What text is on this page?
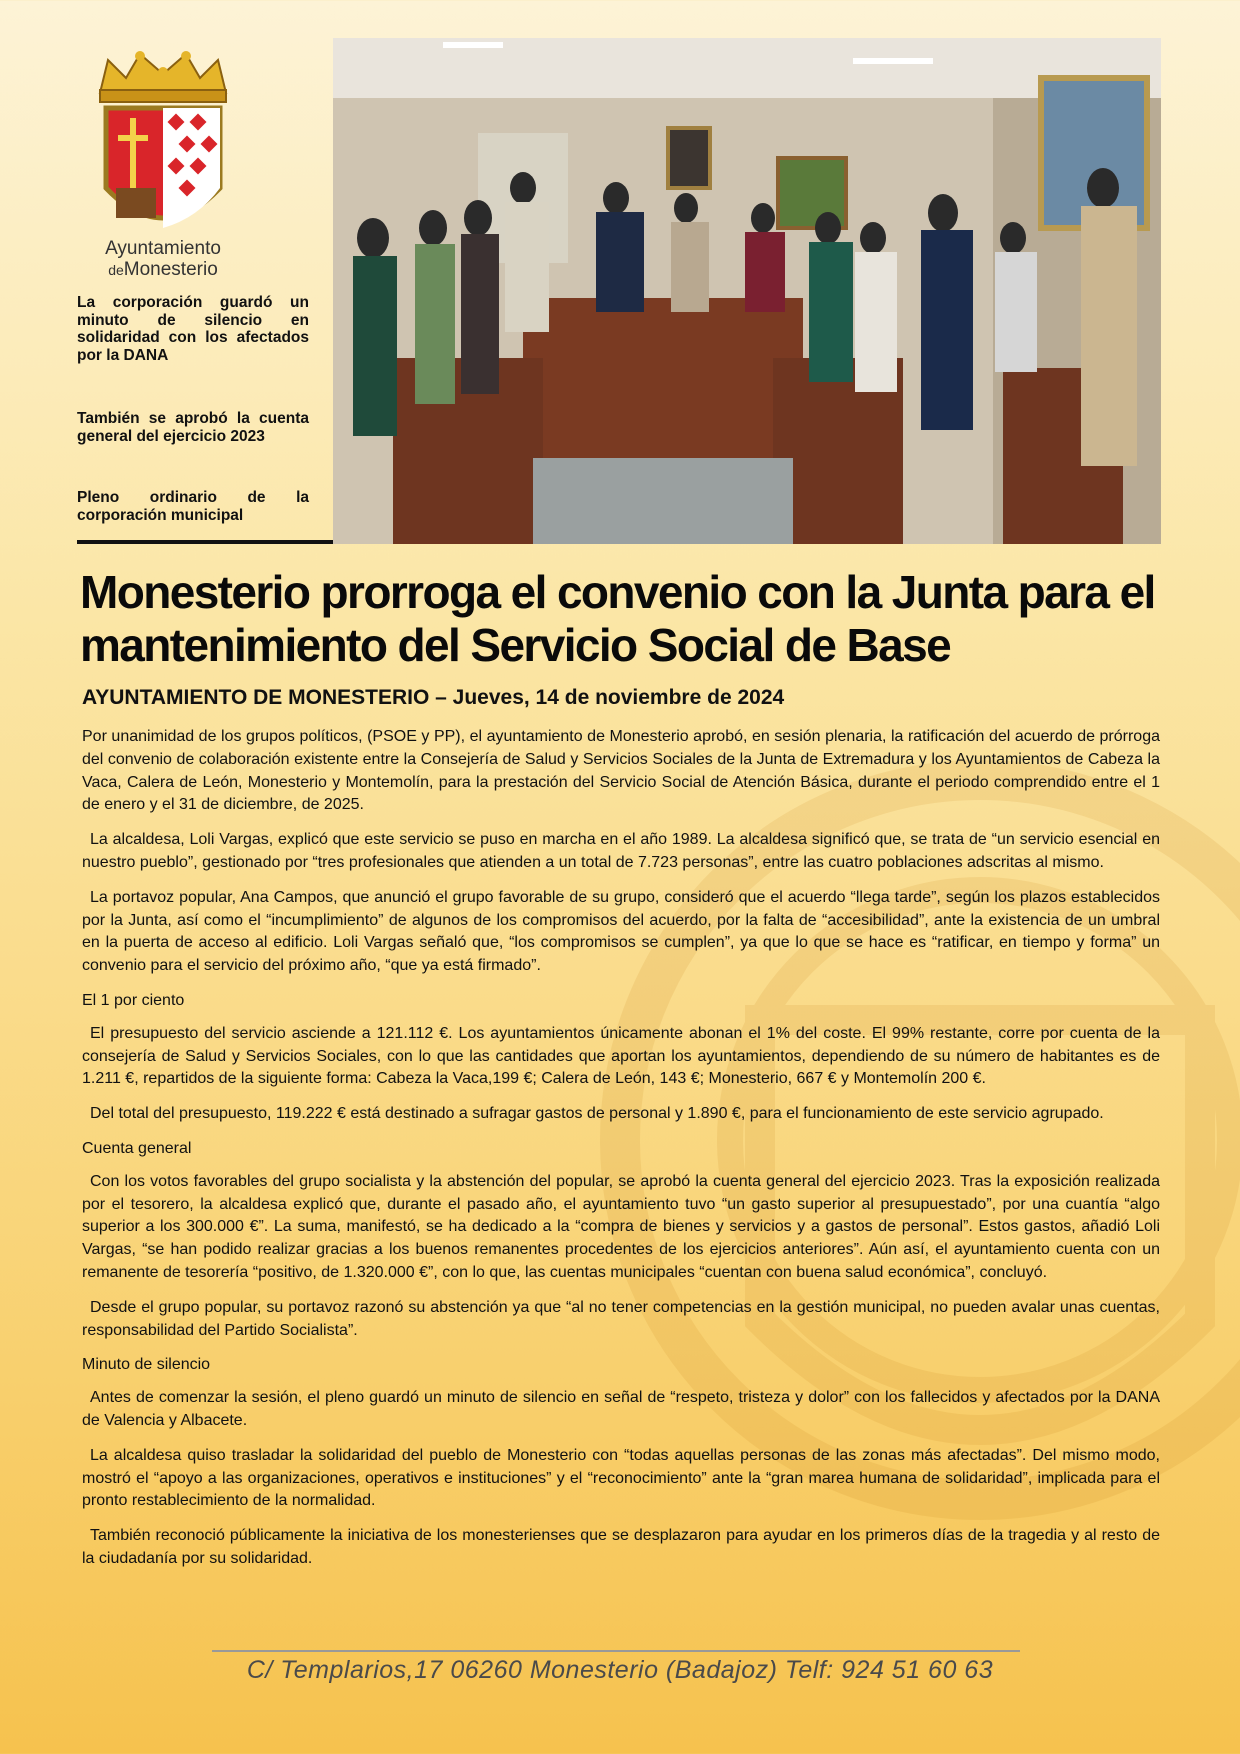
Ayuntamiento
deMonesterio
La corporación guardó un minuto de silencio en solidaridad con los afectados por la DANA
También se aprobó la cuenta general del ejercicio 2023
Pleno ordinario de la corporación municipal
Monesterio prorroga el convenio con la Junta para el mantenimiento del Servicio Social de Base

AYUNTAMIENTO DE MONESTERIO – Jueves, 14 de noviembre de 2024

Por unanimidad de los grupos políticos, (PSOE y PP), el ayuntamiento de Monesterio aprobó, en sesión plenaria, la ratificación del acuerdo de prórroga del convenio de colaboración existente entre la Consejería de Salud y Servicios Sociales de la Junta de Extremadura y los Ayuntamientos de Cabeza la Vaca, Calera de León, Monesterio y Montemolín, para la prestación del Servicio Social de Atención Básica, durante el periodo comprendido entre el 1 de enero y el 31 de diciembre, de 2025.

La alcaldesa, Loli Vargas, explicó que este servicio se puso en marcha en el año 1989. La alcaldesa significó que, se trata de “un servicio esencial en nuestro pueblo”, gestionado por “tres profesionales que atienden a un total de 7.723 personas”, entre las cuatro poblaciones adscritas al mismo.

La portavoz popular, Ana Campos, que anunció el grupo favorable de su grupo, consideró que el acuerdo “llega tarde”, según los plazos establecidos por la Junta, así como el “incumplimiento” de algunos de los compromisos del acuerdo, por la falta de “accesibilidad”, ante la existencia de un umbral en la puerta de acceso al edificio. Loli Vargas señaló que, “los compromisos se cumplen”, ya que lo que se hace es “ratificar, en tiempo y forma” un convenio para el servicio del próximo año, “que ya está firmado”.

El 1 por ciento

El presupuesto del servicio asciende a 121.112 €. Los ayuntamientos únicamente abonan el 1% del coste. El 99% restante, corre por cuenta de la consejería de Salud y Servicios Sociales, con lo que las cantidades que aportan los ayuntamientos, dependiendo de su número de habitantes es de 1.211 €, repartidos de la siguiente forma: Cabeza la Vaca,199 €; Calera de León, 143 €; Monesterio, 667 € y Montemolín 200 €.

Del total del presupuesto, 119.222 € está destinado a sufragar gastos de personal y 1.890 €, para el funcionamiento de este servicio agrupado.

Cuenta general

Con los votos favorables del grupo socialista y la abstención del popular, se aprobó la cuenta general del ejercicio 2023. Tras la exposición realizada por el tesorero, la alcaldesa explicó que, durante el pasado año, el ayuntamiento tuvo “un gasto superior al presupuestado”, por una cuantía “algo superior a los 300.000 €”. La suma, manifestó, se ha dedicado a la “compra de bienes y servicios y a gastos de personal”. Estos gastos, añadió Loli Vargas, “se han podido realizar gracias a los buenos remanentes procedentes de los ejercicios anteriores”. Aún así, el ayuntamiento cuenta con un remanente de tesorería “positivo, de 1.320.000 €”, con lo que, las cuentas municipales “cuentan con buena salud económica”, concluyó.

Desde el grupo popular, su portavoz razonó su abstención ya que “al no tener competencias en la gestión municipal, no pueden avalar unas cuentas, responsabilidad del Partido Socialista”.

Minuto de silencio

Antes de comenzar la sesión, el pleno guardó un minuto de silencio en señal de “respeto, tristeza y dolor” con los fallecidos y afectados por la DANA de Valencia y Albacete.

La alcaldesa quiso trasladar la solidaridad del pueblo de Monesterio con “todas aquellas personas de las zonas más afectadas”. Del mismo modo, mostró el “apoyo a las organizaciones, operativos e instituciones” y el “reconocimiento” ante la “gran marea humana de solidaridad”, implicada para el pronto restablecimiento de la normalidad.

También reconoció públicamente la iniciativa de los monesterienses que se desplazaron para ayudar en los primeros días de la tragedia y al resto de la ciudadanía por su solidaridad.

C/ Templarios,17 06260 Monesterio (Badajoz) Telf: 924 51 60 63
